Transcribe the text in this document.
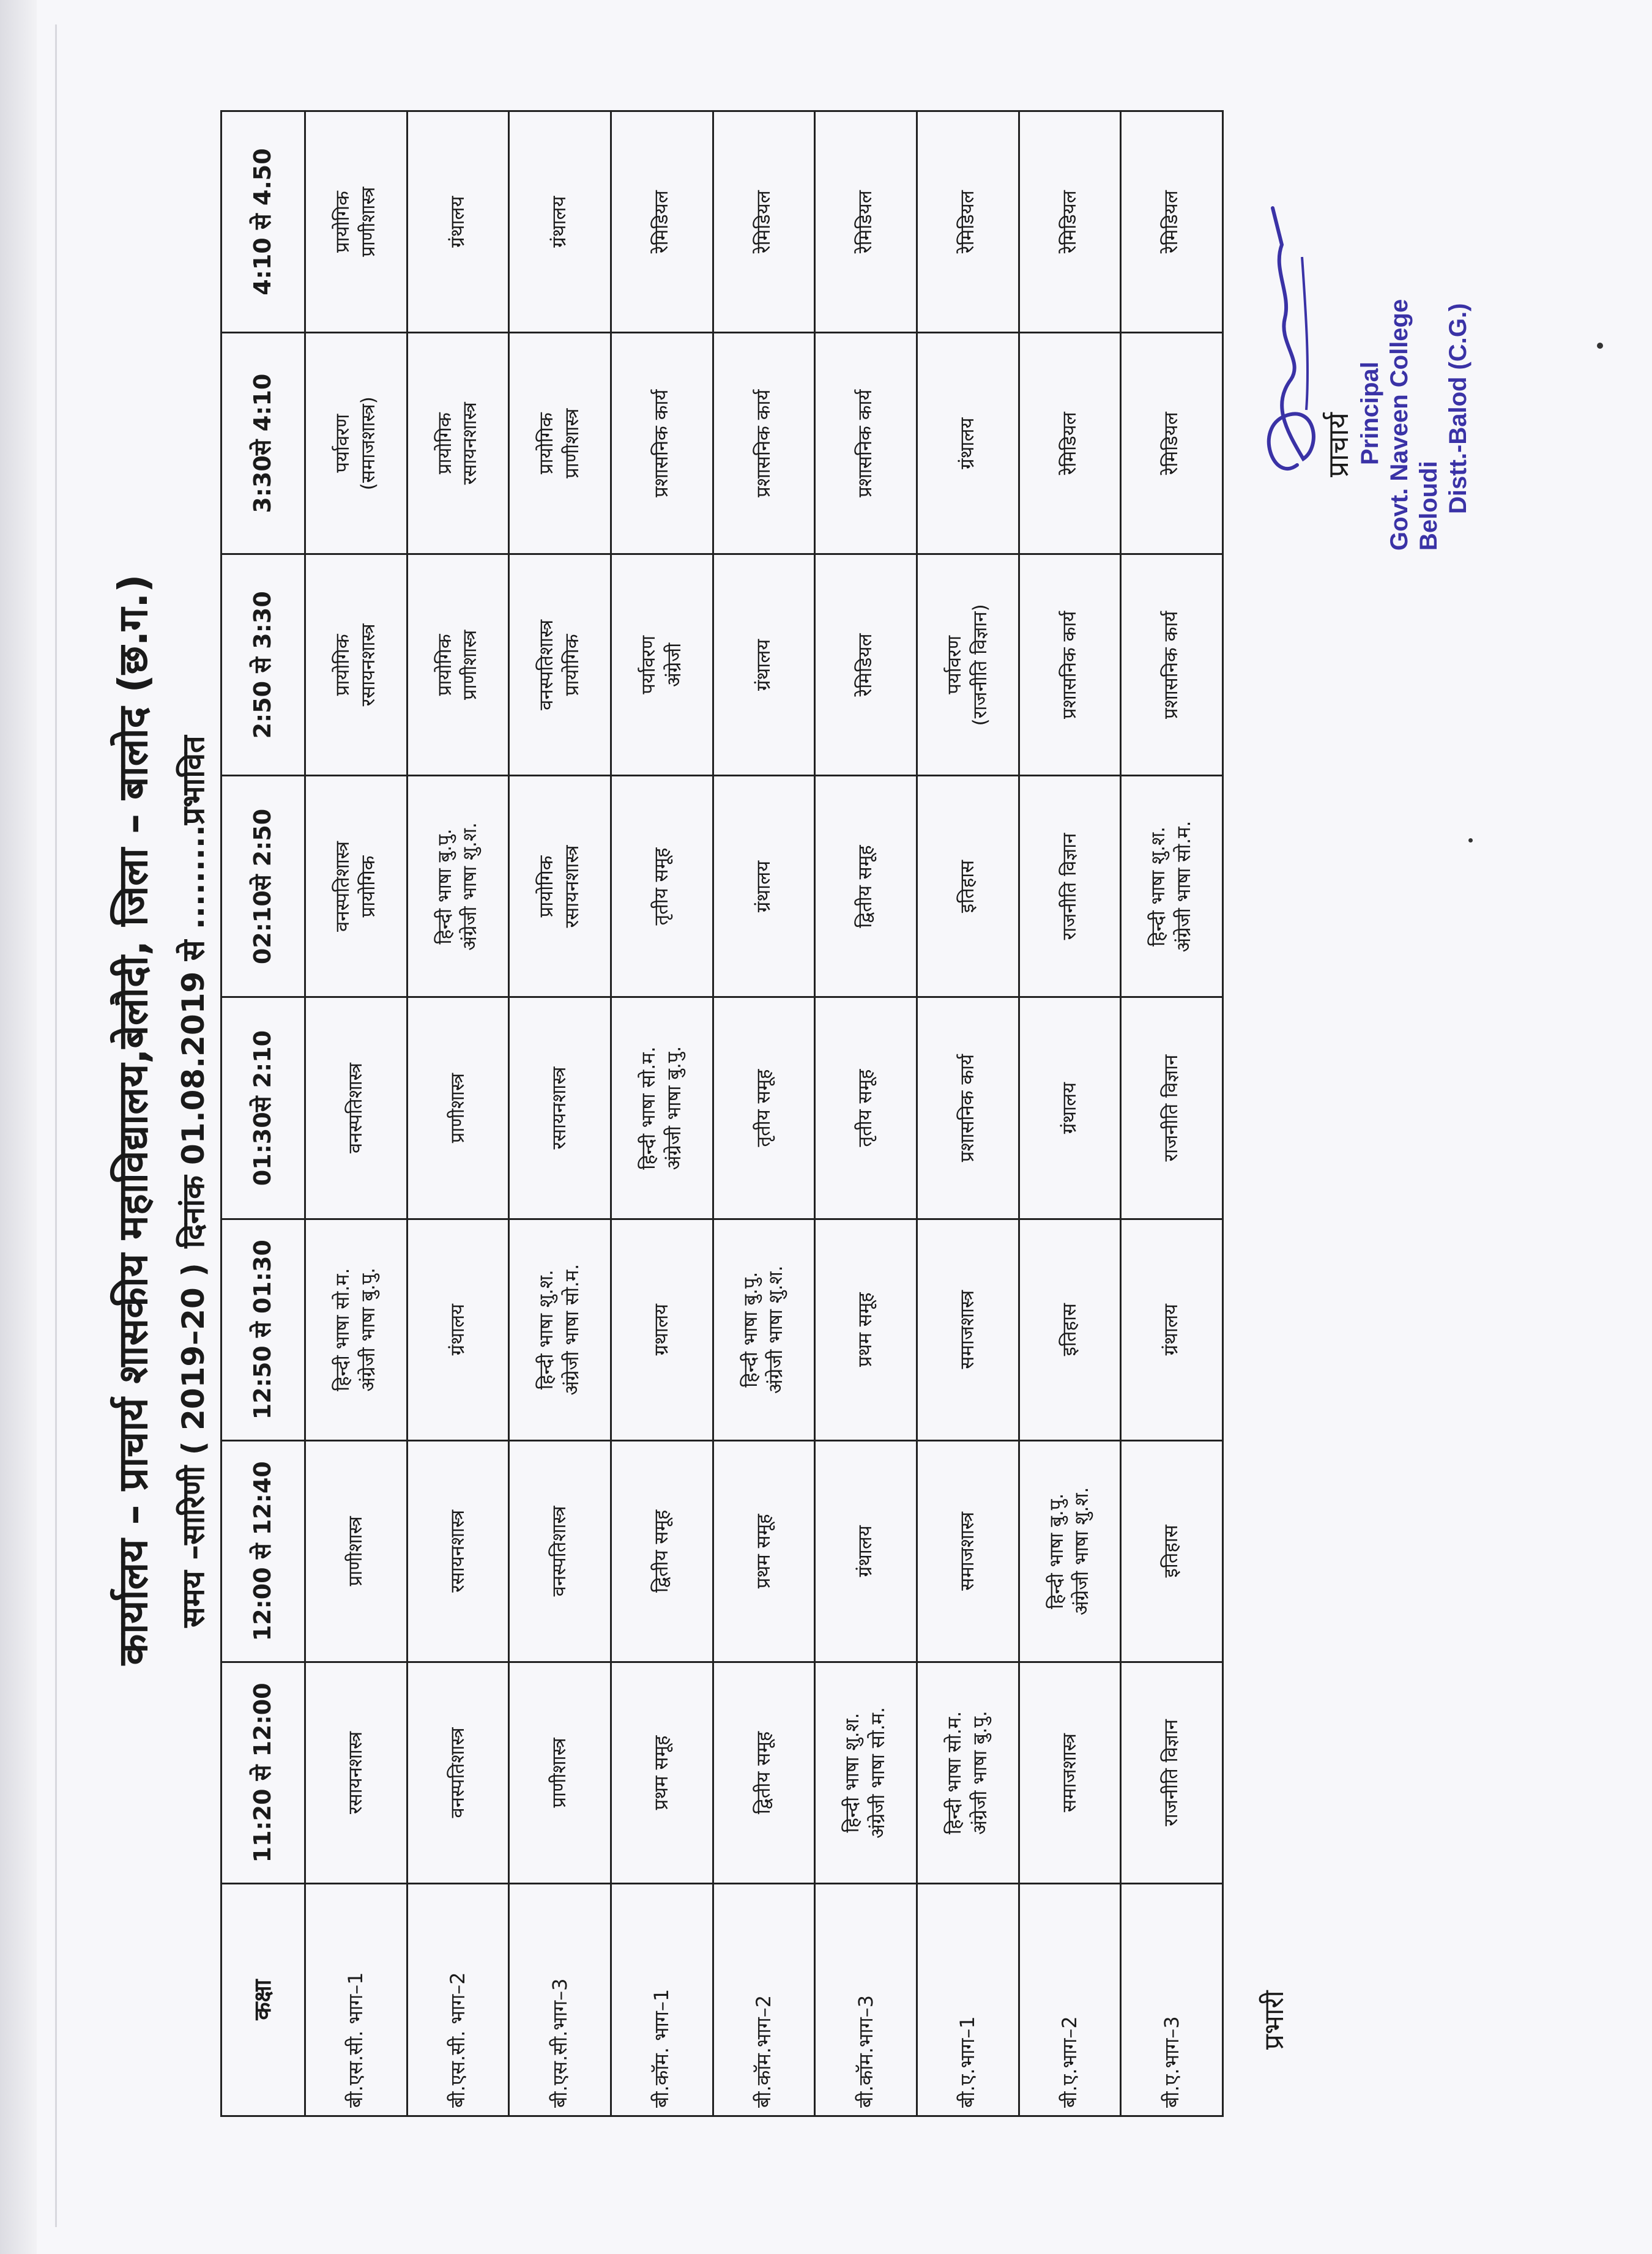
कार्यालय – प्राचार्य शासकीय महाविद्यालय,बेलौदी, जिला – बालोद (छ.ग.) समय –सारिणी ( 2019–20 )
दिनांक 01.08.2019 से .........प्रभावित
कक्षा	11:20 से 12:00	12:00 से 12:40	12:50 से 01:30	01:30से 2:10	02:10से 2:50	2:50 से 3:30	3:30से 4:10	4:10 से 4.50
बी.एस.सी. भाग–1	रसायनशास्त्र	प्राणीशास्त्र	हिन्दी भाषा सो.म. अंग्रेजी भाषा बु.पु.	वनस्पतिशास्त्र	वनस्पतिशास्त्र प्रायोगिक	प्रायोगिक रसायनशास्त्र	पर्यावरण (समाजशास्त्र)	प्रायोगिक प्राणीशास्त्र

बी.एस.सी. भाग–2	वनस्पतिशास्त्र	रसायनशास्त्र	ग्रंथालय	प्राणीशास्त्र	हिन्दी भाषा बु.पु. अंग्रेजी भाषा शु.श.	प्रायोगिक प्राणीशास्त्र	प्रायोगिक रसायनशास्त्र	ग्रंथालय

बी.एस.सी.भाग–3	प्राणीशास्त्र	वनस्पतिशास्त्र	हिन्दी भाषा शु.श. अंग्रेजी भाषा सो.म.	रसायनशास्त्र	प्रायोगिक रसायनशास्त्र	वनस्पतिशास्त्र प्रायोगिक	प्रायोगिक प्राणीशास्त्र	ग्रंथालय

बी.कॉम. भाग–1	प्रथम समूह	द्वितीय समूह	ग्रथालय	हिन्दी भाषा सो.म. अंग्रेजी भाषा बु.पु.	तृतीय समूह	पर्यावरण अंग्रेजी	प्रशासनिक कार्य	रेमिडियल

बी.कॉम.भाग–2	द्वितीय समूह	प्रथम समूह	हिन्दी भाषा बु.पु. अंग्रेजी भाषा शु.श.	तृतीय समूह	ग्रंथालय	ग्रंथालय	प्रशासनिक कार्य	रेमिडियल

बी.कॉम.भाग–3	हिन्दी भाषा शु.श. अंग्रेजी भाषा सो.म.	ग्रंथालय	प्रथम समूह	तृतीय समूह	द्वितीय समूह	रेमिडियल	प्रशासनिक कार्य	रेमिडियल

बी.ए.भाग–1	हिन्दी भाषा सो.म. अंग्रेजी भाषा बु.पु.	समाजशास्त्र	समाजशास्त्र	प्रशासनिक कार्य	इतिहास	पर्यावरण (राजनीति विज्ञान)	ग्रंथालय	रेमिडियल

बी.ए.भाग–2	समाजशास्त्र	हिन्दी भाषा बु.पु. अंग्रेजी भाषा शु.श.	इतिहास	ग्रंथालय	राजनीति विज्ञान	प्रशासनिक कार्य	रेमिडियल	रेमिडियल

बी.ए.भाग–3	राजनीति विज्ञान	इतिहास	ग्रंथालय	राजनीति विज्ञान	हिन्दी भाषा शु.श. अंग्रेजी भाषा सो.म.	प्रशासनिक कार्य	रेमिडियल	रेमिडियल
प्रभारी
प्राचार्य Principal Govt. Naveen College Beloudi Distt.-Balod (C.G.)
